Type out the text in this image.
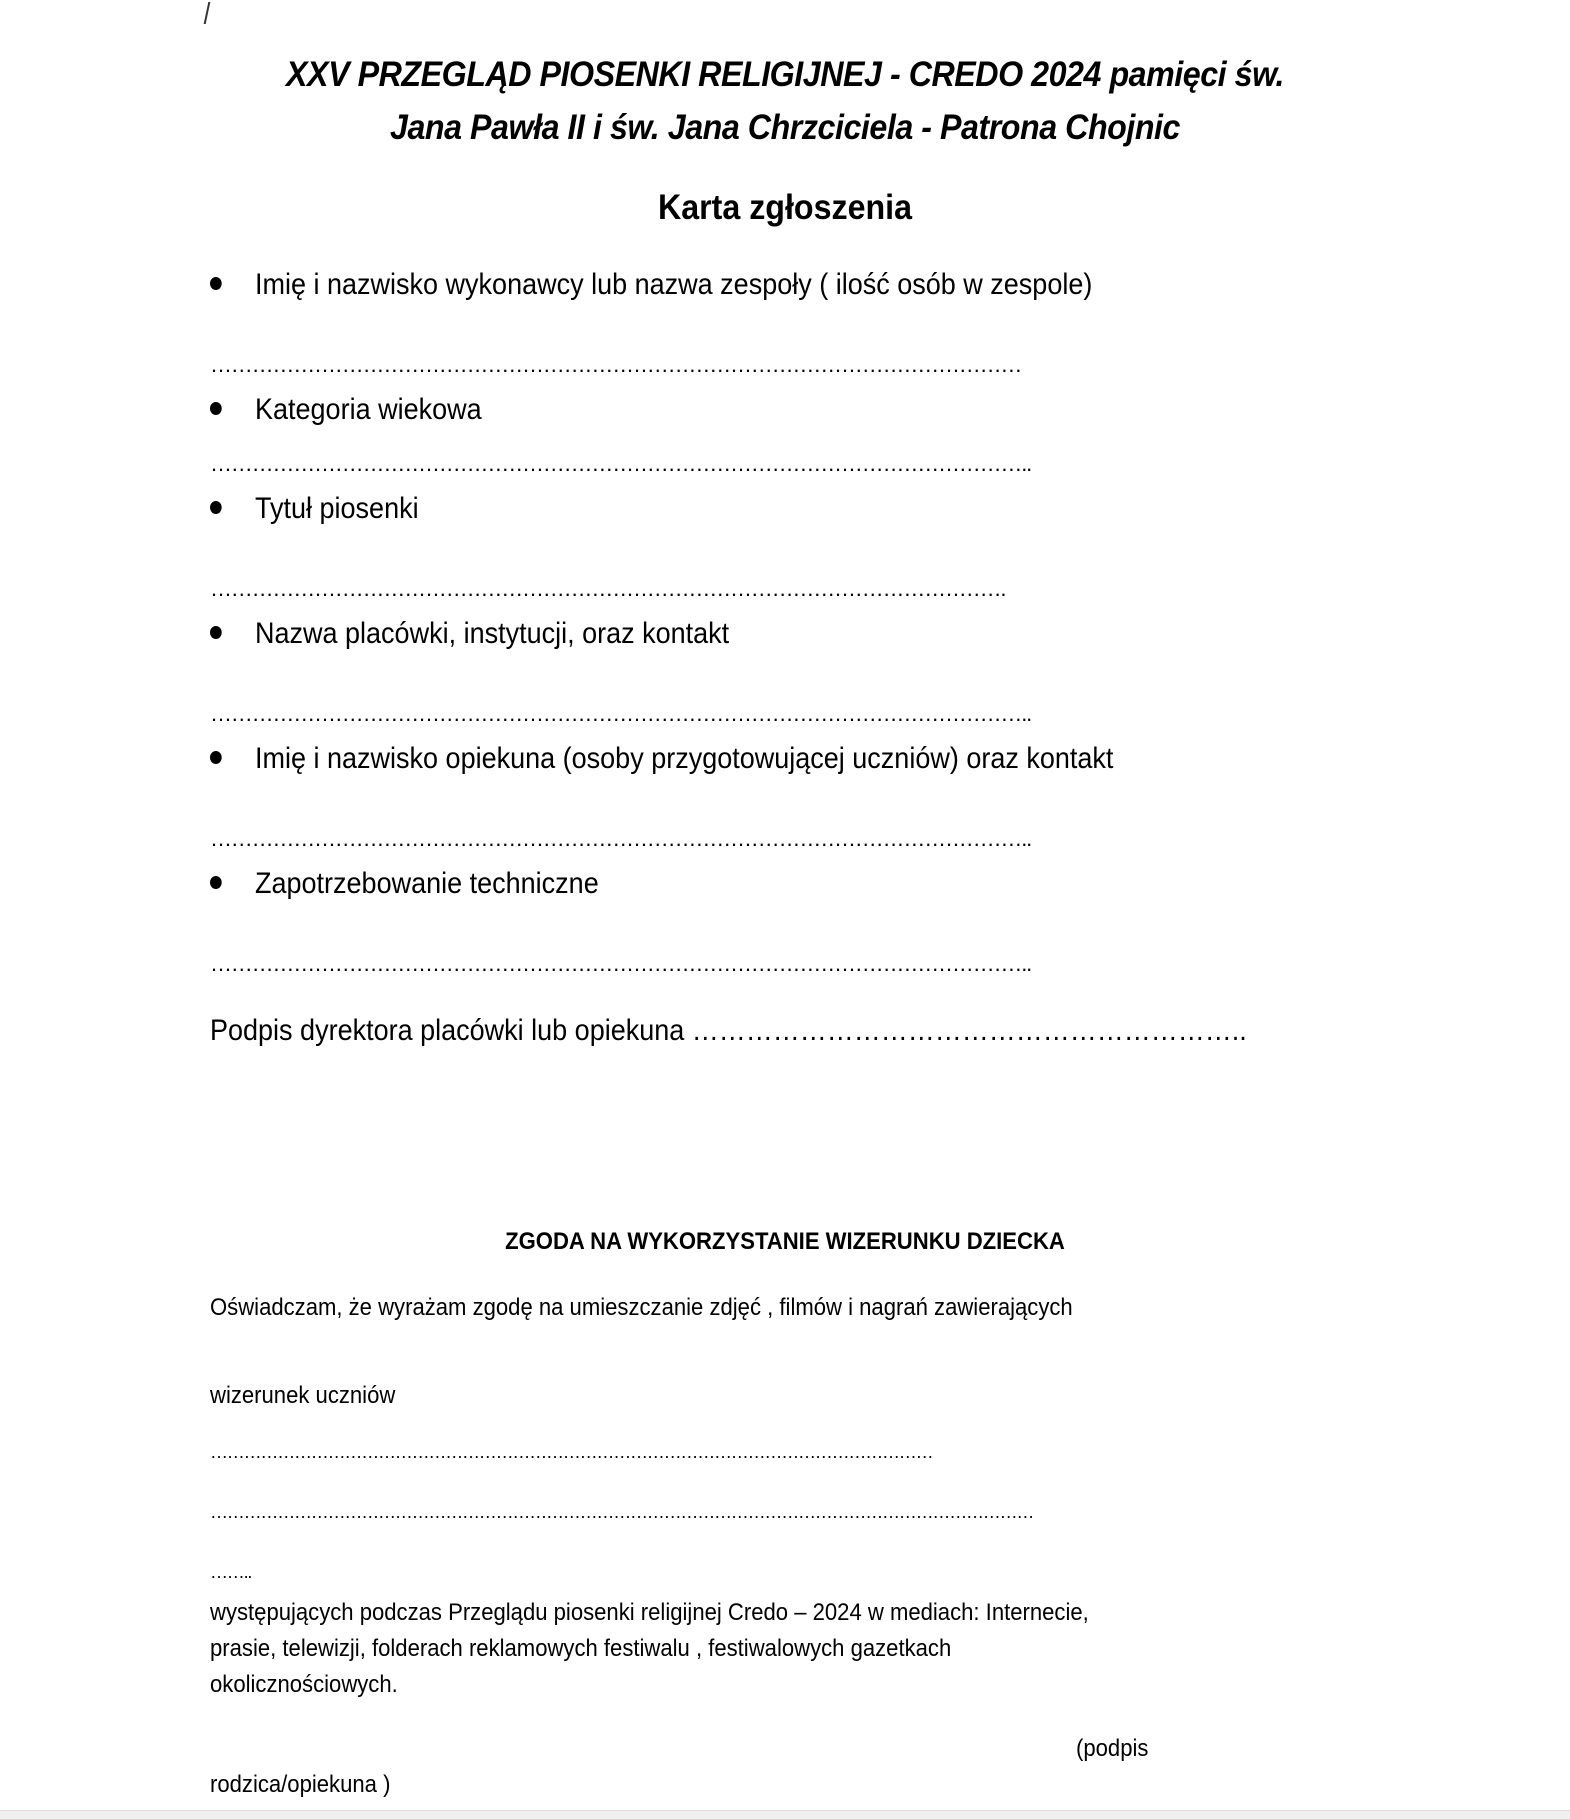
XXV PRZEGLĄD PIOSENKI RELIGIJNEJ - CREDO 2024 pamięci św.
Jana Pawła II i św. Jana Chrzciciela - Patrona Chojnic
Karta zgłoszenia
Imię i nazwisko wykonawcy lub nazwa zespoły ( ilość osób w zespole)
………………………………………………………………………………………………………
Kategoria wiekowa
………………………………………………………………………………………………………..
Tytuł piosenki
…………………………………………………………………………………………………….
Nazwa placówki, instytucji, oraz kontakt
………………………………………………………………………………………………………..
Imię i nazwisko opiekuna (osoby przygotowującej uczniów) oraz kontakt
………………………………………………………………………………………………………..
Zapotrzebowanie techniczne
………………………………………………………………………………………………………..
Podpis dyrektora placówki lub opiekuna ……………………………………………………..
ZGODA NA WYKORZYSTANIE WIZERUNKU DZIECKA
Oświadczam, że wyrażam zgodę na umieszczanie zdjęć , filmów i nagrań zawierających
wizerunek uczniów
…………………………………………………………………………………………………………………
…………………………………………………………………………………………………………………………………
……..
występujących podczas Przeglądu piosenki religijnej Credo – 2024 w mediach: Internecie,
prasie, telewizji, folderach reklamowych festiwalu , festiwalowych gazetkach
okolicznościowych.
(podpis
rodzica/opiekuna )
